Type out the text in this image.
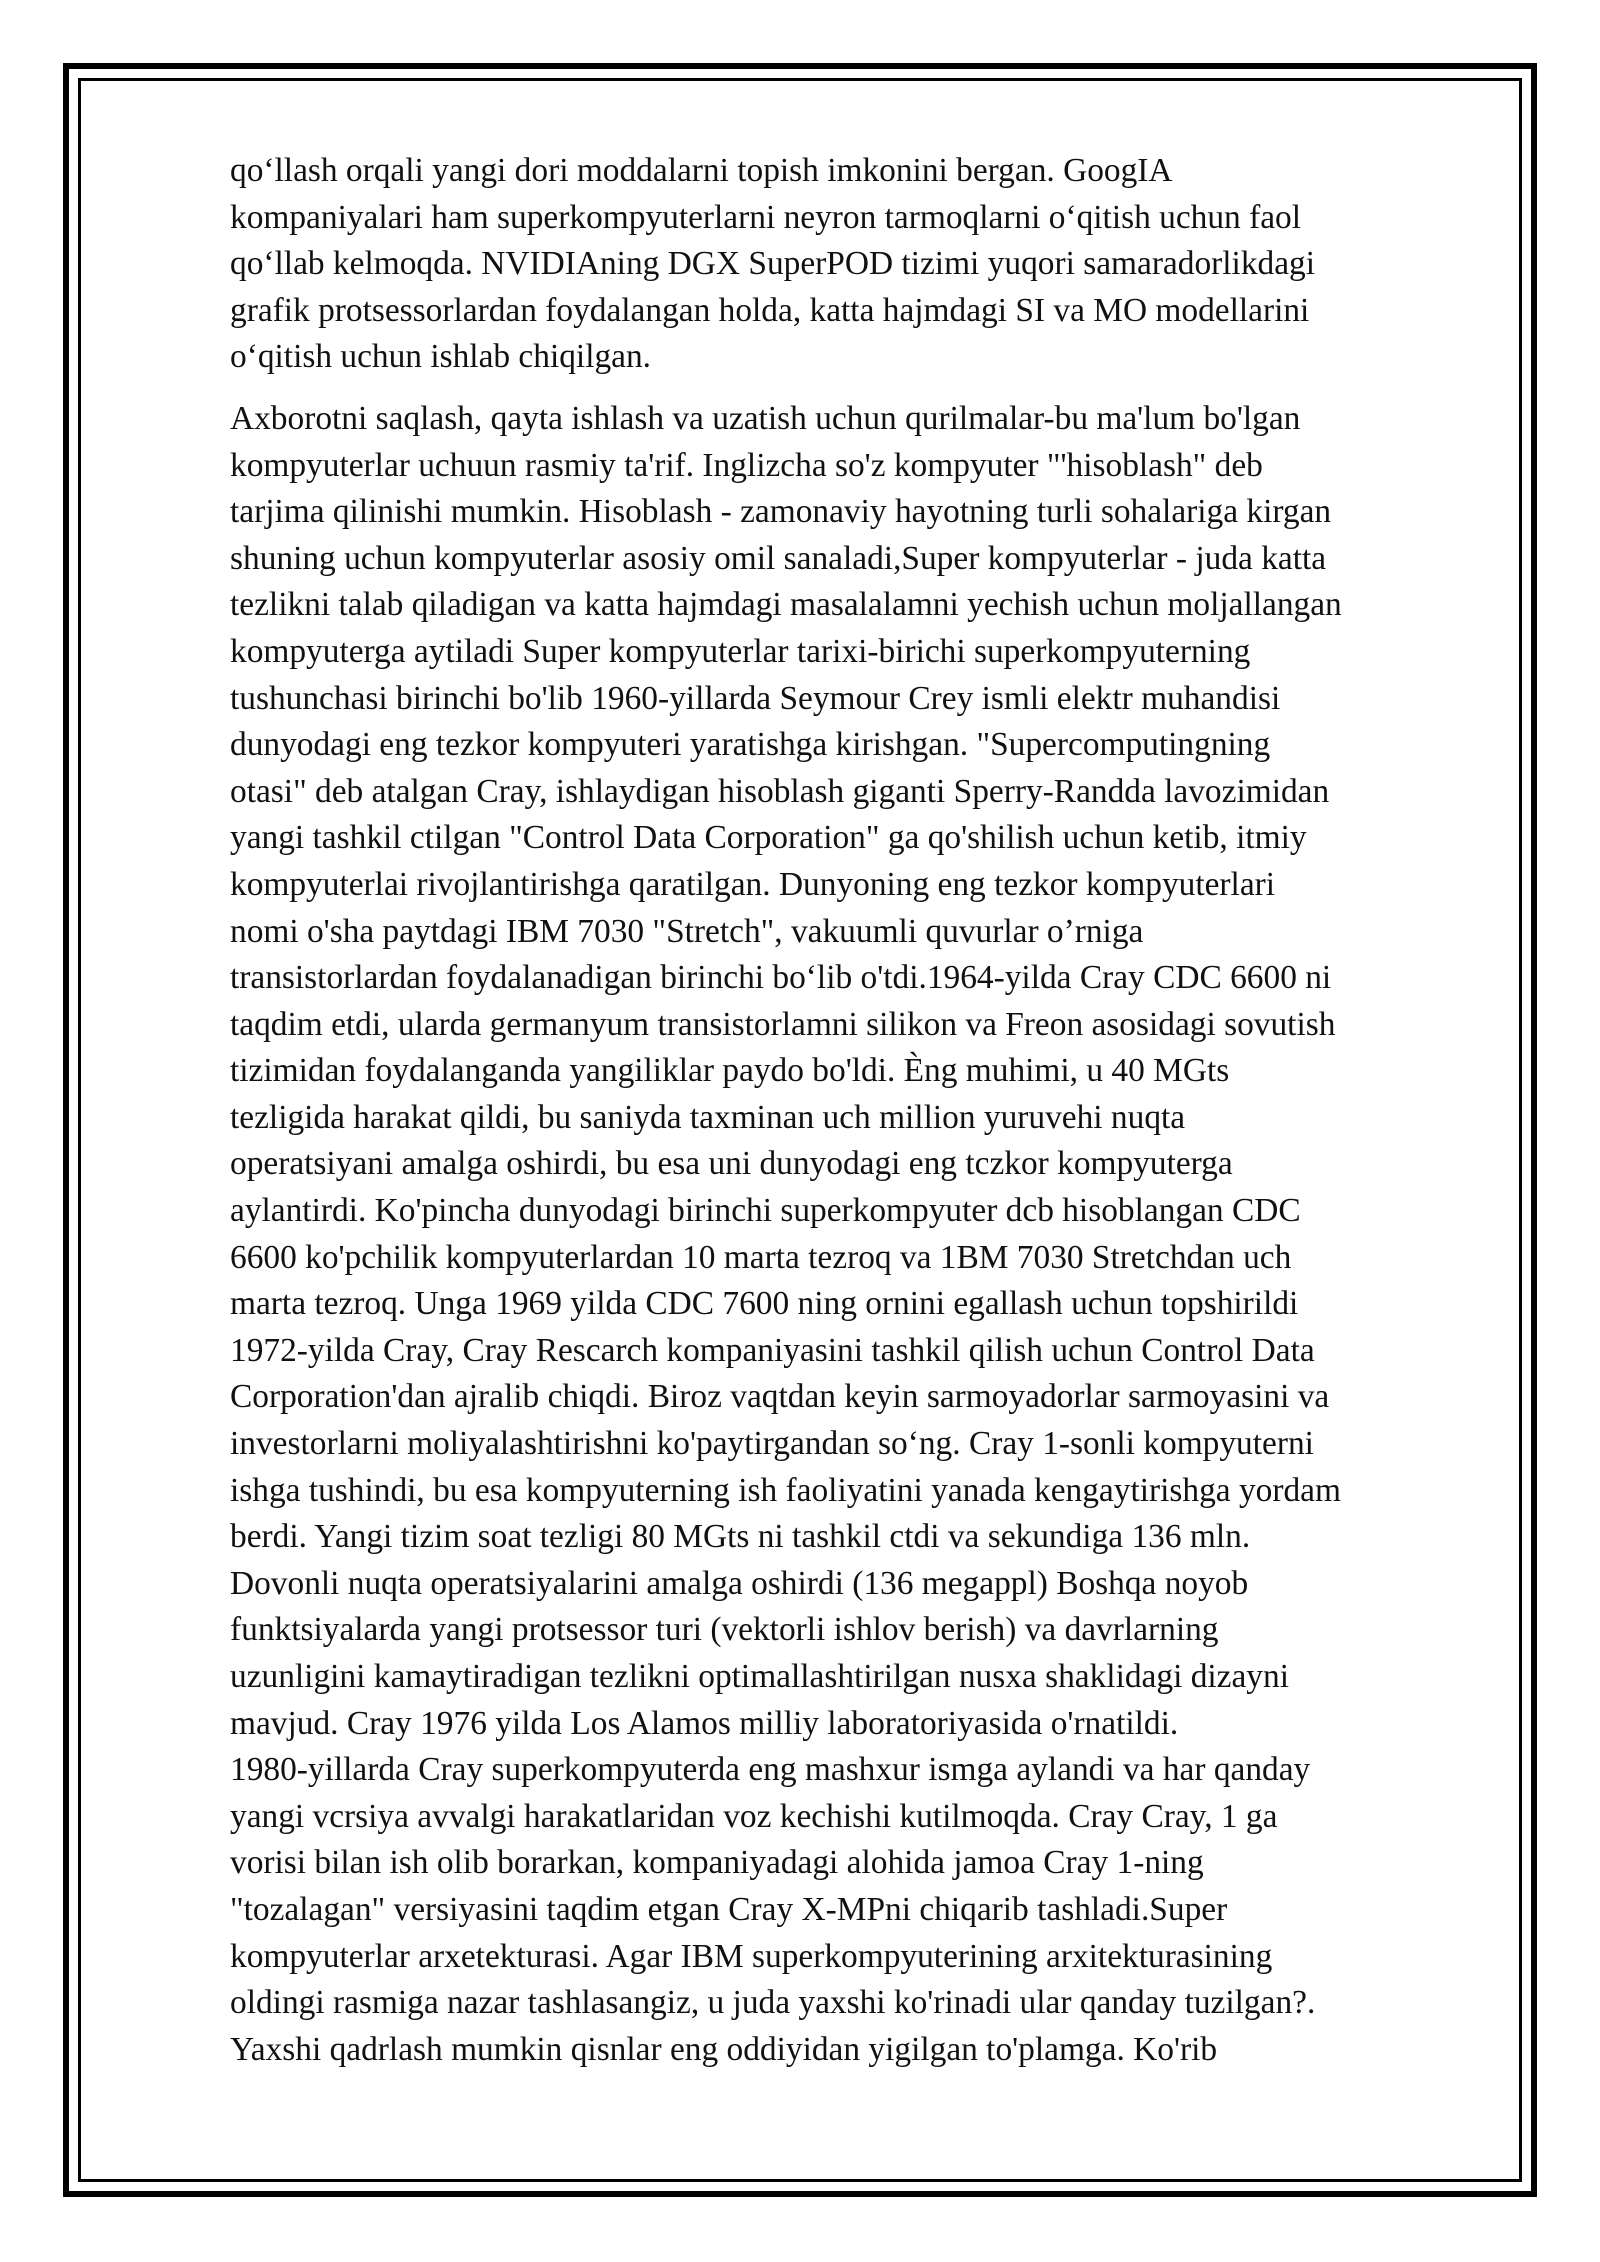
qo‘llash orqali yangi dori moddalarni topish imkonini bergan. GoogIA
kompaniyalari ham superkompyuterlarni neyron tarmoqlarni o‘qitish uchun faol
qo‘llab kelmoqda. NVIDIAning DGX SuperPOD tizimi yuqori samaradorlikdagi
grafik protsessorlardan foydalangan holda, katta hajmdagi SI va MO modellarini
o‘qitish uchun ishlab chiqilgan.

Axborotni saqlash, qayta ishlash va uzatish uchun qurilmalar-bu ma'lum bo'lgan
kompyuterlar uchuun rasmiy ta'rif. Inglizcha so'z kompyuter "'hisoblash" deb
tarjima qilinishi mumkin. Hisoblash - zamonaviy hayotning turli sohalariga kirgan
shuning uchun kompyuterlar asosiy omil sanaladi,Super kompyuterlar - juda katta
tezlikni talab qiladigan va katta hajmdagi masalalamni yechish uchun moljallangan
kompyuterga aytiladi Super kompyuterlar tarixi-birichi superkompyuterning
tushunchasi birinchi bo'lib 1960-yillarda Seymour Crey ismli elektr muhandisi
dunyodagi eng tezkor kompyuteri yaratishga kirishgan. "Supercomputingning
otasi" deb atalgan Cray, ishlaydigan hisoblash giganti Sperry-Randda lavozimidan
yangi tashkil ctilgan "Control Data Corporation" ga qo'shilish uchun ketib, itmiy
kompyuterlai rivojlantirishga qaratilgan. Dunyoning eng tezkor kompyuterlari
nomi o'sha paytdagi IBM 7030 "Stretch", vakuumli quvurlar o’rniga
transistorlardan foydalanadigan birinchi boʻlib o'tdi.1964-yilda Cray CDC 6600 ni
taqdim etdi, ularda germanyum transistorlamni silikon va Freon asosidagi sovutish
tizimidan foydalanganda yangiliklar paydo bo'ldi. Èng muhimi, u 40 MGts
tezligida harakat qildi, bu saniyda taxminan uch million yuruvehi nuqta
operatsiyani amalga oshirdi, bu esa uni dunyodagi eng tczkor kompyuterga
aylantirdi. Ko'pincha dunyodagi birinchi superkompyuter dcb hisoblangan CDC
6600 ko'pchilik kompyuterlardan 10 marta tezroq va 1BM 7030 Stretchdan uch
marta tezroq. Unga 1969 yilda CDC 7600 ning ornini egallash uchun topshirildi
1972-yilda Cray, Cray Rescarch kompaniyasini tashkil qilish uchun Control Data
Corporation'dan ajralib chiqdi. Biroz vaqtdan keyin sarmoyadorlar sarmoyasini va
investorlarni moliyalashtirishni ko'paytirgandan soʻng. Cray 1-sonli kompyuterni
ishga tushindi, bu esa kompyuterning ish faoliyatini yanada kengaytirishga yordam
berdi. Yangi tizim soat tezligi 80 MGts ni tashkil ctdi va sekundiga 136 mln.
Dovonli nuqta operatsiyalarini amalga oshirdi (136 megappl) Boshqa noyob
funktsiyalarda yangi protsessor turi (vektorli ishlov berish) va davrlarning
uzunligini kamaytiradigan tezlikni optimallashtirilgan nusxa shaklidagi dizayni
mavjud. Cray 1976 yilda Los Alamos milliy laboratoriyasida o'rnatildi.
1980-yillarda Cray superkompyuterda eng mashxur ismga aylandi va har qanday
yangi vcrsiya avvalgi harakatlaridan voz kechishi kutilmoqda. Cray Cray, 1 ga
vorisi bilan ish olib borarkan, kompaniyadagi alohida jamoa Cray 1-ning
"tozalagan" versiyasini taqdim etgan Cray X-MPni chiqarib tashladi.Super
kompyuterlar arxetekturasi. Agar IBM superkompyuterining arxitekturasining
oldingi rasmiga nazar tashlasangiz, u juda yaxshi ko'rinadi ular qanday tuzilgan?.
Yaxshi qadrlash mumkin qisnlar eng oddiyidan yigilgan to'plamga. Ko'rib
